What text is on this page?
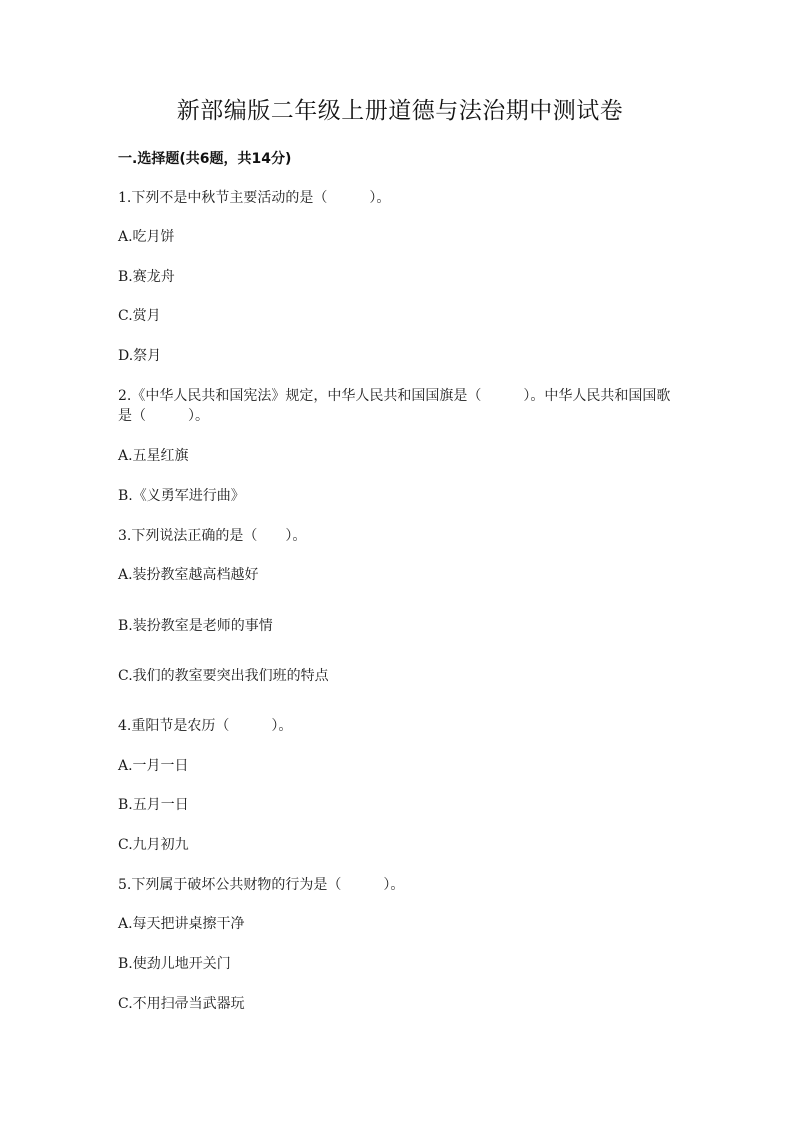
新部编版二年级上册道德与法治期中测试卷
一.选择题(共6题，共14分)
1.下列不是中秋节主要活动的是（　　　）。
A.吃月饼
B.赛龙舟
C.赏月
D.祭月
2.《中华人民共和国宪法》规定，中华人民共和国国旗是（　　　）。中华人民共和国国歌是（　　　）。
A.五星红旗
B.《义勇军进行曲》
3.下列说法正确的是（　　）。
A.装扮教室越高档越好
B.装扮教室是老师的事情
C.我们的教室要突出我们班的特点
4.重阳节是农历（　　　）。
A.一月一日
B.五月一日
C.九月初九
5.下列属于破坏公共财物的行为是（　　　）。
A.每天把讲桌擦干净
B.使劲儿地开关门
C.不用扫帚当武器玩
